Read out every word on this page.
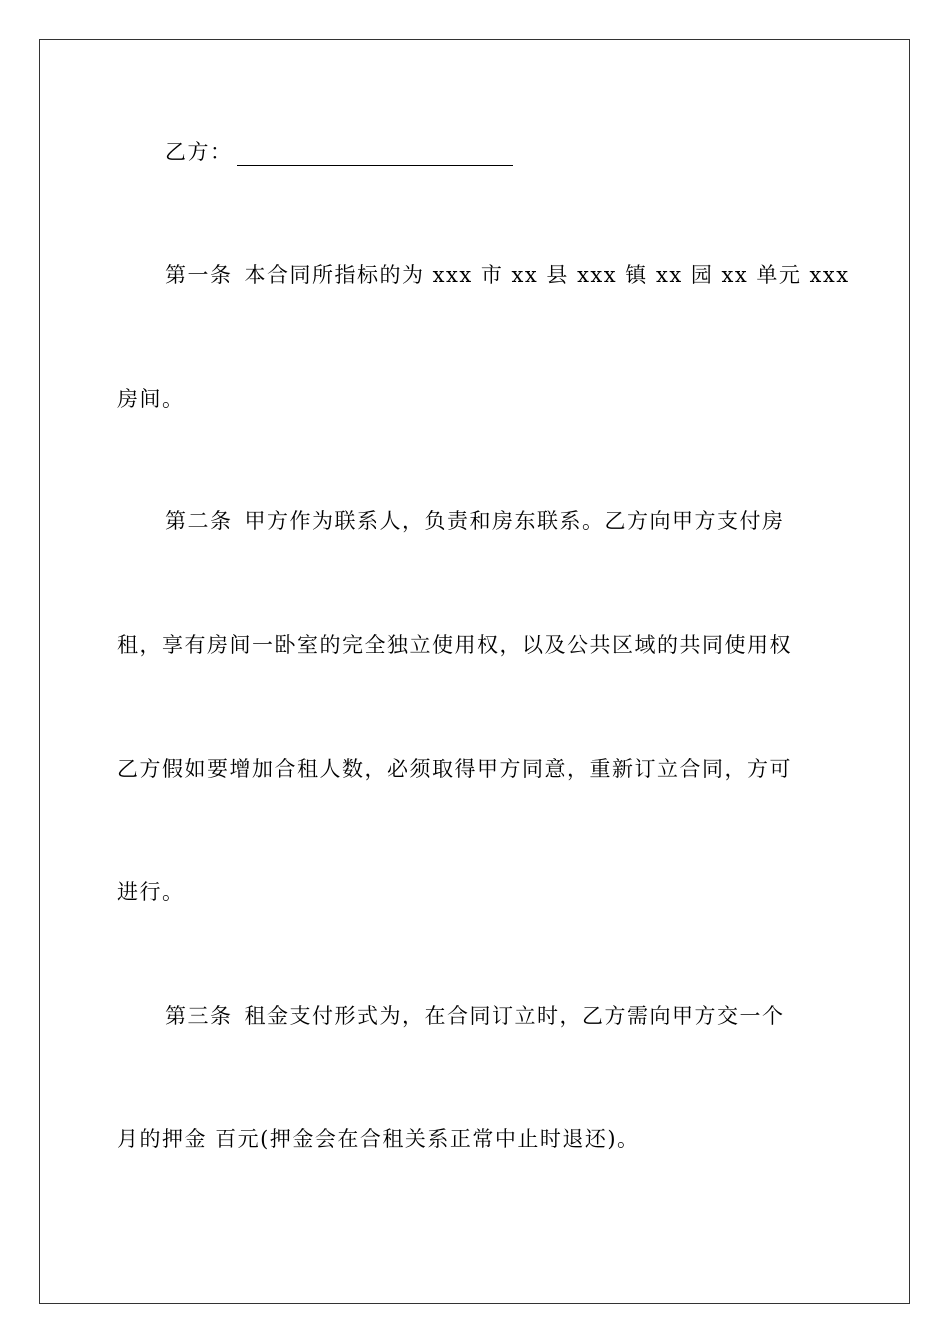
乙方：
第一条 本合同所指标的为 xxx 市 xx 县 xxx 镇 xx 园 xx 单元 xxx
房间。
第二条 甲方作为联系人，负责和房东联系。乙方向甲方支付房
租，享有房间一卧室的完全独立使用权，以及公共区域的共同使用权
乙方假如要增加合租人数，必须取得甲方同意，重新订立合同，方可
进行。
第三条 租金支付形式为，在合同订立时，乙方需向甲方交一个
月的押金 百元(押金会在合租关系正常中止时退还)。
